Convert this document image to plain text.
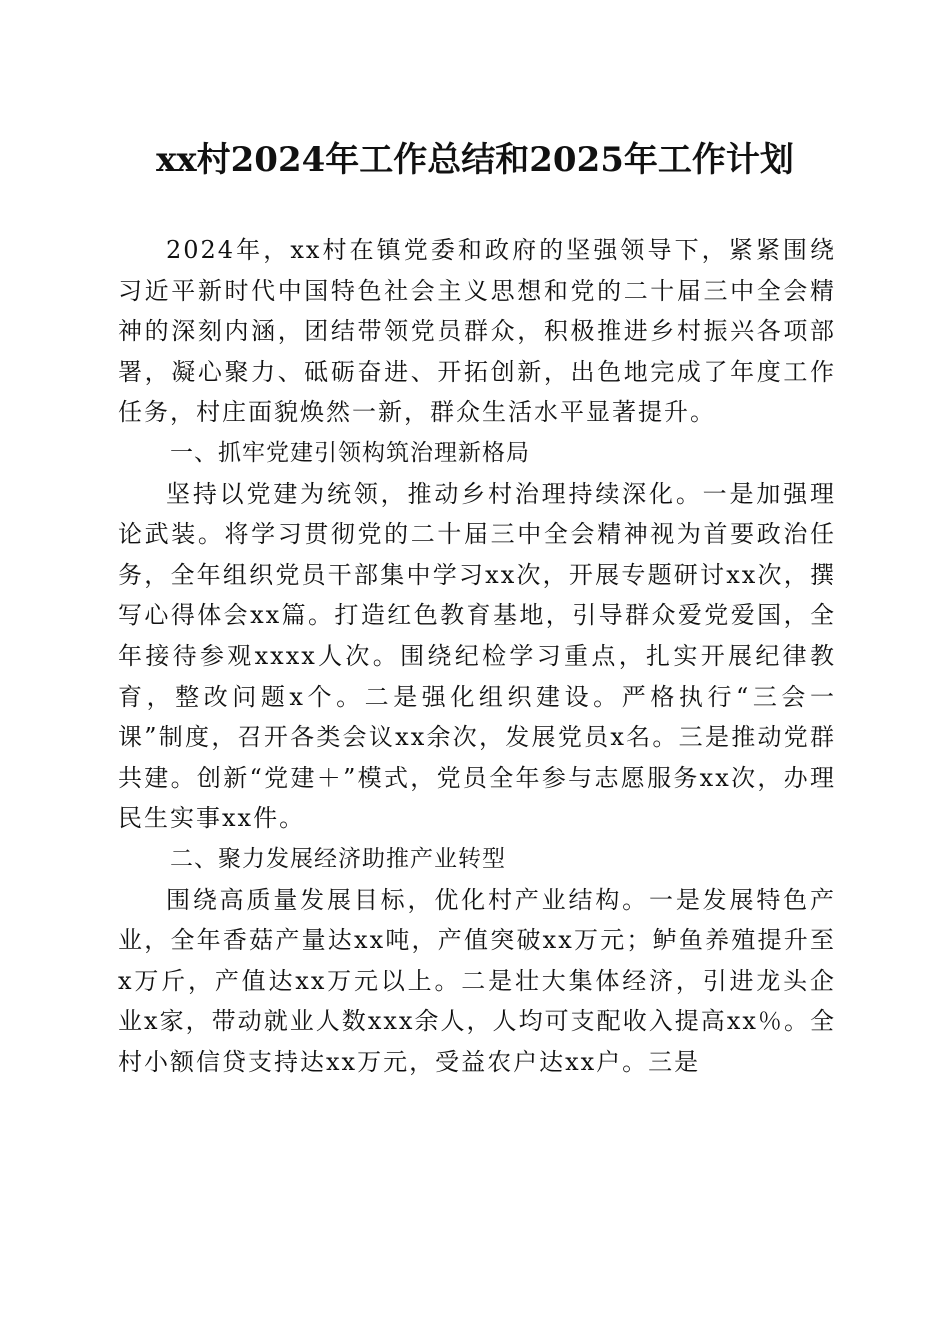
xx村2024年工作总结和2025年工作计划

2024年，xx村在镇党委和政府的坚强领导下，紧紧围绕习近平新时代中国特色社会主义思想和党的二十届三中全会精神的深刻内涵，团结带领党员群众，积极推进乡村振兴各项部署，凝心聚力、砥砺奋进、开拓创新，出色地完成了年度工作任务，村庄面貌焕然一新，群众生活水平显著提升。

一、抓牢党建引领构筑治理新格局

坚持以党建为统领，推动乡村治理持续深化。一是加强理论武装。将学习贯彻党的二十届三中全会精神视为首要政治任务，全年组织党员干部集中学习xx次，开展专题研讨xx次，撰写心得体会xx篇。打造红色教育基地，引导群众爱党爱国，全年接待参观xxxx人次。围绕纪检学习重点，扎实开展纪律教育，整改问题x个。二是强化组织建设。严格执行“三会一课”制度，召开各类会议xx余次，发展党员x名。三是推动党群共建。创新“党建＋”模式，党员全年参与志愿服务xx次，办理民生实事xx件。

二、聚力发展经济助推产业转型

围绕高质量发展目标，优化村产业结构。一是发展特色产业，全年香菇产量达xx吨，产值突破xx万元；鲈鱼养殖提升至x万斤，产值达xx万元以上。二是壮大集体经济，引进龙头企业x家，带动就业人数xxx余人，人均可支配收入提高xx％。全村小额信贷支持达xx万元，受益农户达xx户。三是
